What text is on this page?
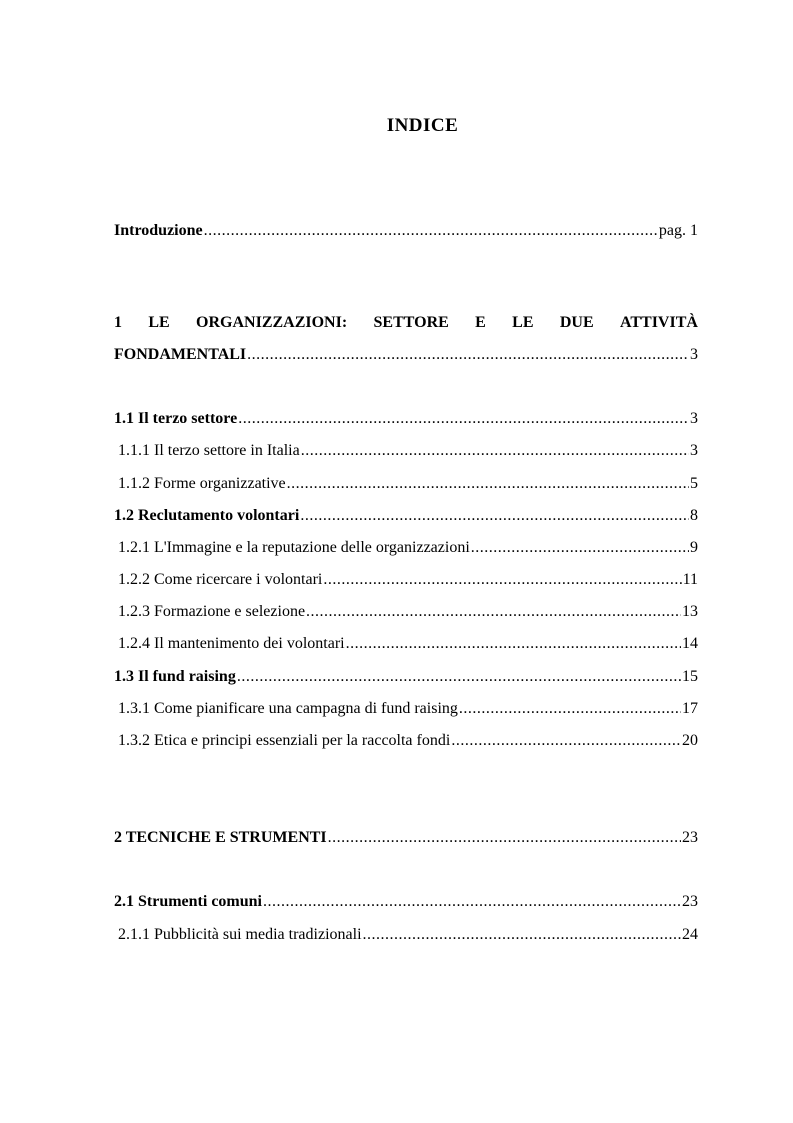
INDICE
Introduzione .....	pag. 1
1 LE ORGANIZZAZIONI: SETTORE E LE DUE ATTIVITÀ
FONDAMENTALI .....	3
1.1 Il terzo settore .....	3
1.1.1 Il terzo settore in Italia .....	3
1.1.2 Forme organizzative .....	5
1.2 Reclutamento volontari .....	8
1.2.1 L'Immagine e la reputazione delle organizzazioni .....	9
1.2.2 Come ricercare i volontari .....	11
1.2.3 Formazione e selezione .....	13
1.2.4 Il mantenimento dei volontari .....	14
1.3 Il fund raising .....	15
1.3.1 Come pianificare una campagna di fund raising .....	17
1.3.2 Etica e principi essenziali per la raccolta fondi .....	20
2 TECNICHE E STRUMENTI .....	23
2.1 Strumenti comuni .....	23
2.1.1 Pubblicità sui media tradizionali .....	24
